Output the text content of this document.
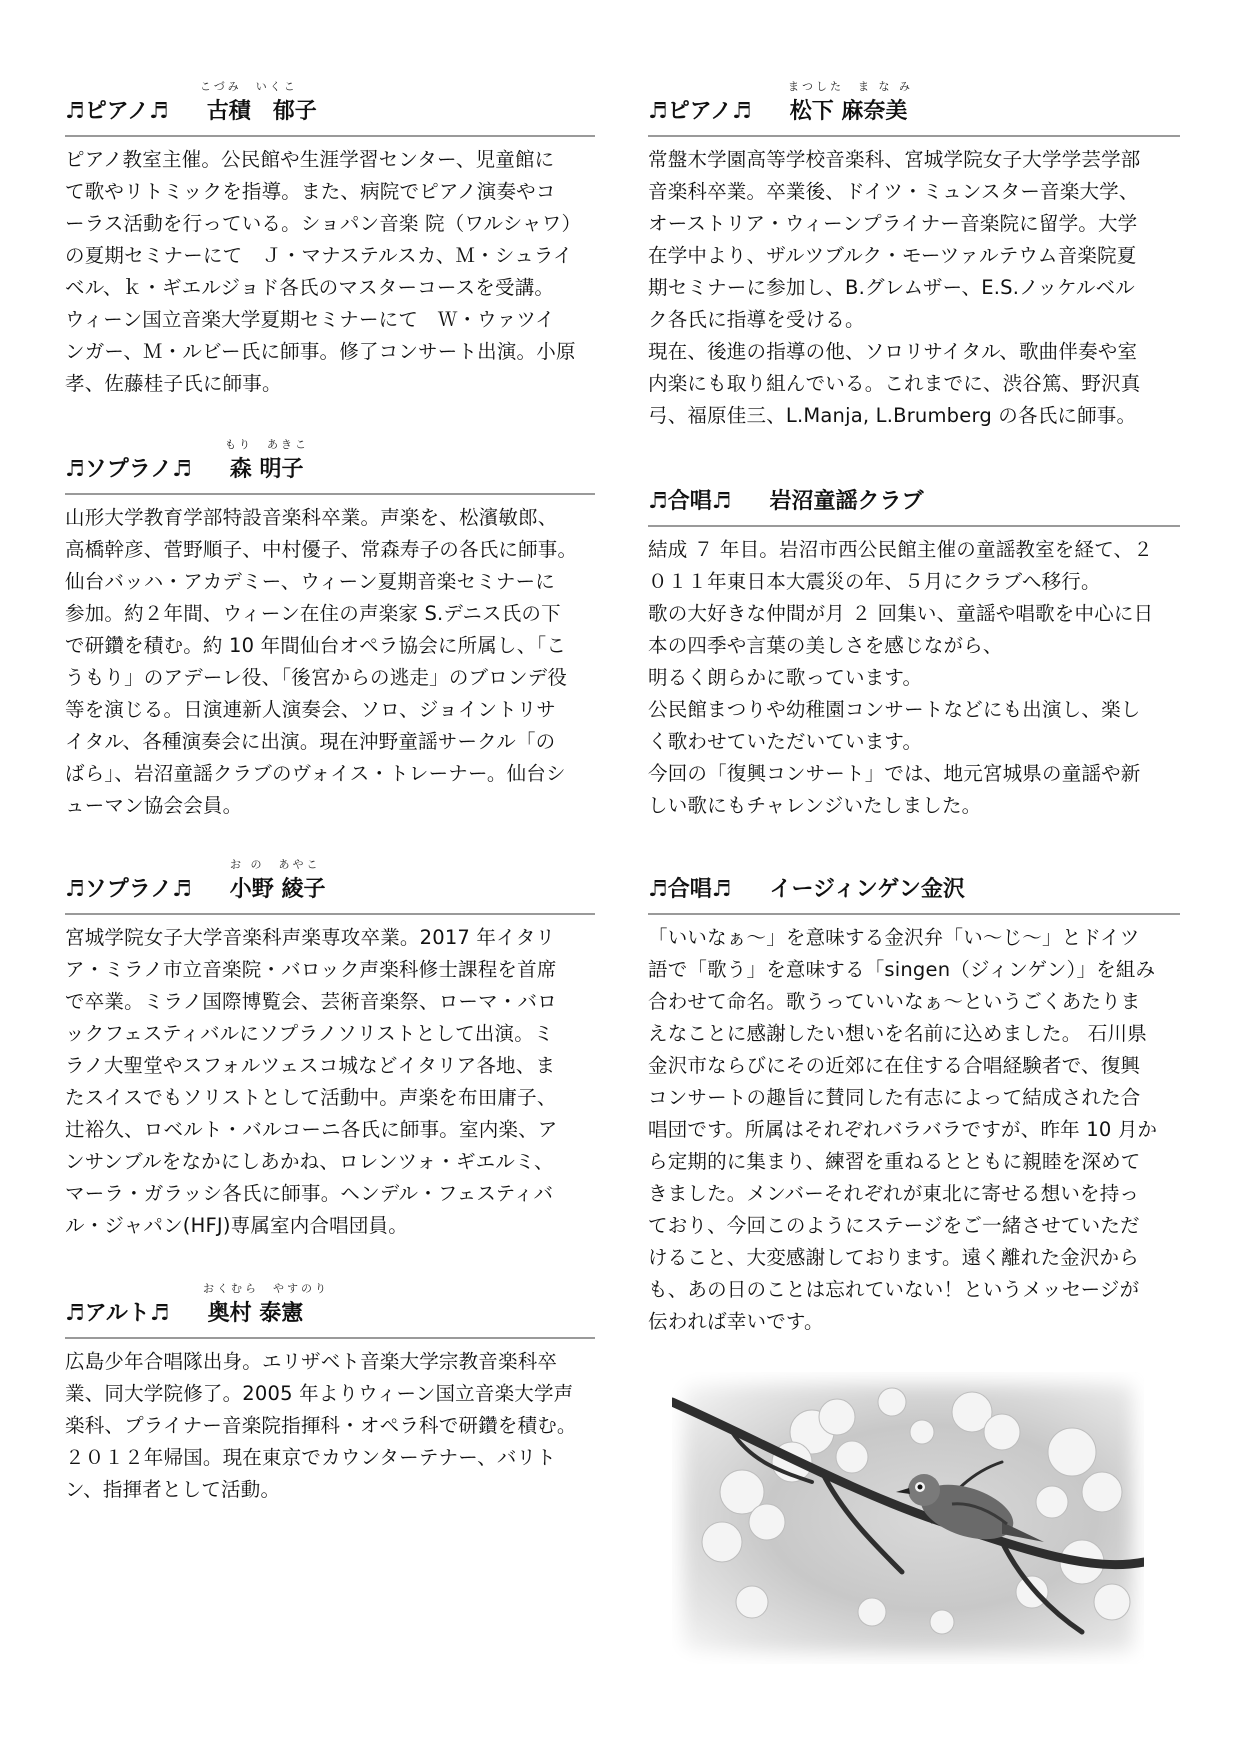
こづみ　いくこ
♬ピアノ♬ 古積　郁子

ピアノ教室主催。公民館や生涯学習センター、児童館に

て歌やリトミックを指導。また、病院でピアノ演奏やコ

ーラス活動を行っている。ショパン音楽 院（ワルシャワ）

の夏期セミナーにて　Ｊ・マナステルスカ、Ｍ・シュライ

ベル、ｋ・ギエルジョド各氏のマスターコースを受講。

ウィーン国立音楽大学夏期セミナーにて　Ｗ・ウァツイ

ンガー、Ｍ・ルビー氏に師事。修了コンサート出演。小原

孝、佐藤桂子氏に師事。

もり　あきこ
♬ソプラノ♬ 森 明子

山形大学教育学部特設音楽科卒業。声楽を、松濱敏郎、

高橋幹彦、菅野順子、中村優子、常森寿子の各氏に師事。

仙台バッハ・アカデミー、ウィーン夏期音楽セミナーに

参加。約２年間、ウィーン在住の声楽家 S.デニス氏の下

で研鑽を積む。約 10 年間仙台オペラ協会に所属し、「こ

うもり」のアデーレ役、「後宮からの逃走」のブロンデ役

等を演じる。日演連新人演奏会、ソロ、ジョイントリサ

イタル、各種演奏会に出演。現在沖野童謡サークル「の

ばら」、岩沼童謡クラブのヴォイス・トレーナー。仙台シ

ューマン協会会員。

お の　あやこ
♬ソプラノ♬ 小野 綾子

宮城学院女子大学音楽科声楽専攻卒業。2017 年イタリ

ア・ミラノ市立音楽院・バロック声楽科修士課程を首席

で卒業。ミラノ国際博覧会、芸術音楽祭、ローマ・バロ

ックフェスティバルにソプラノソリストとして出演。ミ

ラノ大聖堂やスフォルツェスコ城などイタリア各地、ま

たスイスでもソリストとして活動中。声楽を布田庸子、

辻裕久、ロベルト・バルコーニ各氏に師事。室内楽、ア

ンサンブルをなかにしあかね、ロレンツォ・ギエルミ、

マーラ・ガラッシ各氏に師事。ヘンデル・フェスティバ

ル・ジャパン(HFJ)専属室内合唱団員。

おくむら　やすのり
♬アルト♬ 奥村 泰憲

広島少年合唱隊出身。エリザベト音楽大学宗教音楽科卒

業、同大学院修了。2005 年よりウィーン国立音楽大学声

楽科、プライナー音楽院指揮科・オペラ科で研鑽を積む。

２０１２年帰国。現在東京でカウンターテナー、バリト

ン、指揮者として活動。

まつした　ま な み
♬ピアノ♬ 松下 麻奈美

常盤木学園高等学校音楽科、宮城学院女子大学学芸学部

音楽科卒業。卒業後、ドイツ・ミュンスター音楽大学、

オーストリア・ウィーンプライナー音楽院に留学。大学

在学中より、ザルツブルク・モーツァルテウム音楽院夏

期セミナーに参加し、B.グレムザー、E.S.ノッケルベル

ク各氏に指導を受ける。

現在、後進の指導の他、ソロリサイタル、歌曲伴奏や室

内楽にも取り組んでいる。これまでに、渋谷篤、野沢真

弓、福原佳三、L.Manja, L.Brumberg の各氏に師事。

♬合唱♬ 岩沼童謡クラブ

結成 ７ 年目。岩沼市西公民館主催の童謡教室を経て、２

０１１年東日本大震災の年、５月にクラブへ移行。

歌の大好きな仲間が月 ２ 回集い、童謡や唱歌を中心に日

本の四季や言葉の美しさを感じながら、

明るく朗らかに歌っています。

公民館まつりや幼稚園コンサートなどにも出演し、楽し

く歌わせていただいています。

今回の「復興コンサート」では、地元宮城県の童謡や新

しい歌にもチャレンジいたしました。

♬合唱♬ イージィンゲン金沢

「いいなぁ～」を意味する金沢弁「い～じ～」とドイツ

語で「歌う」を意味する「singen（ジィンゲン）」を組み

合わせて命名。歌うっていいなぁ～というごくあたりま

えなことに感謝したい想いを名前に込めました。 石川県

金沢市ならびにその近郊に在住する合唱経験者で、復興

コンサートの趣旨に賛同した有志によって結成された合

唱団です。所属はそれぞれバラバラですが、昨年 10 月か

ら定期的に集まり、練習を重ねるとともに親睦を深めて

きました。メンバーそれぞれが東北に寄せる想いを持っ

ており、今回このようにステージをご一緒させていただ

けること、大変感謝しております。遠く離れた金沢から

も、あの日のことは忘れていない！というメッセージが

伝われば幸いです。
